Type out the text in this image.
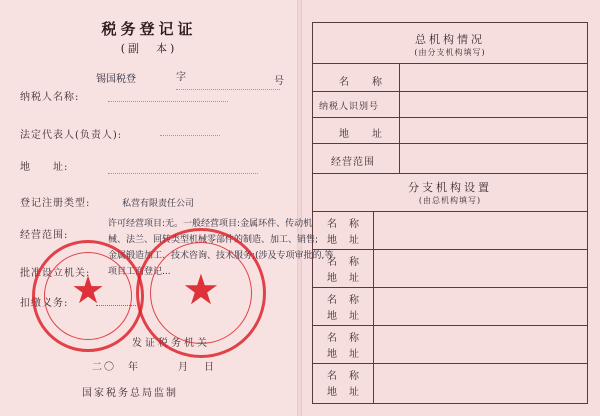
税务登记证
(副　本)
锡国税登	字	号
纳税人名称:
法定代表人(负责人):
地　　址:
登记注册类型:	私营有限责任公司
经营范围:
许可经营项目:无。一般经营项目:金属环件、传动机
械、法兰、回转类型机械零部件的制造、加工、销售;
金属锻造加工、技术咨询、技术服务;(涉及专项审批的,等
项目工商登记...
批准设立机关:
扣缴义务:
发证税务机关
二〇　年	月 日
国家税务总局监制
★	★
总机构情况
(由分支机构填写)
名　　称
纳税人识别号
地　　址
经营范围
分支机构设置
(由总机构填写)
名　称
地　址
名　称
地　址
名　称
地　址
名　称
地　址
名　称
地　址
